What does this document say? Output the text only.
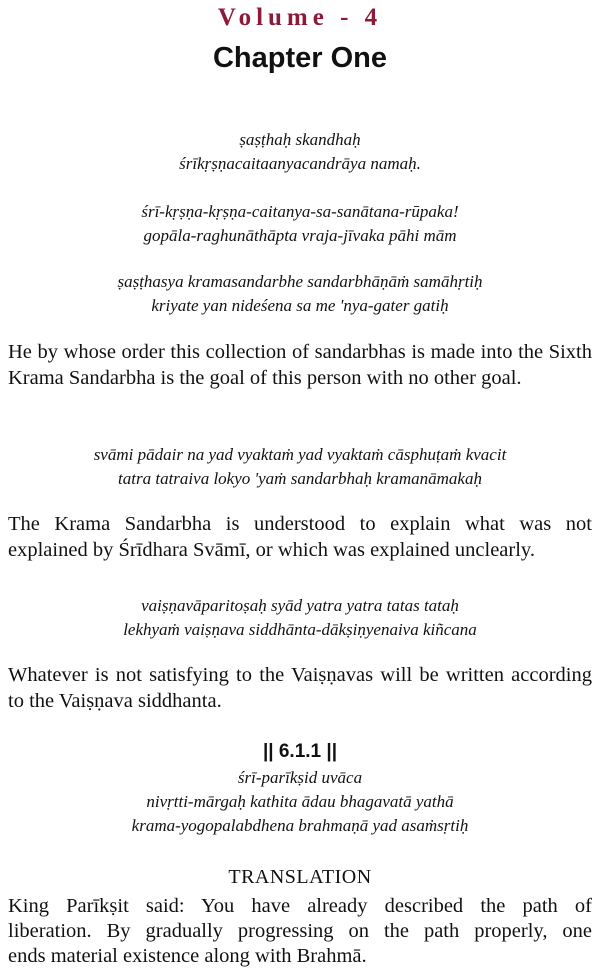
Volume - 4
Chapter One
ṣaṣṭhaḥ skandhaḥ
śrīkṛṣṇacaitaanyacandrāya namaḥ.
śrī-kṛṣṇa-kṛṣṇa-caitanya-sa-sanātana-rūpaka!
gopāla-raghunāthāpta vraja-jīvaka pāhi mām
ṣaṣṭhasya kramasandarbhe sandarbhāṇāṁ samāhṛtiḥ
kriyate yan nideśena sa me 'nya-gater gatiḥ
He by whose order this collection of sandarbhas is made into the Sixth Krama Sandarbha is the goal of this person with no other goal.
svāmi pādair na yad vyaktaṁ yad vyaktaṁ cāsphuṭaṁ kvacit
tatra tatraiva lokyo 'yaṁ sandarbhaḥ kramanāmakaḥ
The Krama Sandarbha is understood to explain what was not explained by Śrīdhara Svāmī, or which was explained unclearly.
vaiṣṇavāparitoṣaḥ syād yatra yatra tatas tataḥ
lekhyaṁ vaiṣṇava siddhānta-dākṣiṇyenaiva kiñcana
Whatever is not satisfying to the Vaiṣṇavas will be written according to the Vaiṣṇava siddhanta.
|| 6.1.1 ||
śrī-parīkṣid uvāca
nivṛtti-mārgaḥ kathita ādau bhagavatā yathā
krama-yogopalabdhena brahmaṇā yad asaṁsṛtiḥ
TRANSLATION
King Parīkṣit said: You have already described the path of
liberation. By gradually progressing on the path properly, one
ends material existence along with Brahmā.
